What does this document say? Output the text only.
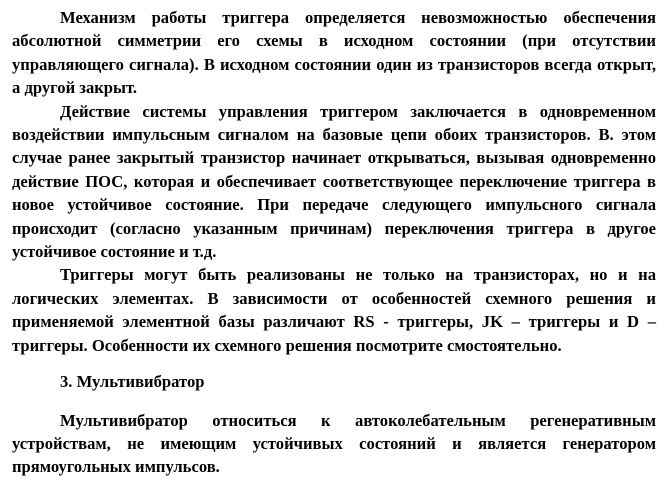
Механизм работы триггера определяется невозможностью обеспечения абсолютной симметрии его схемы в исходном состоянии (при отсутствии управляющего сигнала). В исходном состоянии один из транзисторов всегда открыт, а другой закрыт.

Действие системы управления триггером заключается в одновременном воздействии импульсным сигналом на базовые цепи обоих транзисторов. В. этом случае ранее закрытый транзистор начинает открываться, вызывая одновременно действие ПОС, которая и обеспечивает соответствующее переключение триггера в новое устойчивое состояние. При передаче следующего импульсного сигнала происходит (согласно указанным причинам) переключения триггера в другое устойчивое состояние и т.д.

Триггеры могут быть реализованы не только на транзисторах, но и на логических элементах. В зависимости от особенностей схемного решения и применяемой элементной базы различают RS - триггеры, JK – триггеры и D – триггеры. Особенности их схемного решения посмотрите смостоятельно.

3. Мультивибратор

Мультивибратор относиться к автоколебательным регенеративным устройствам, не имеющим устойчивых состояний и является генератором прямоугольных импульсов.
